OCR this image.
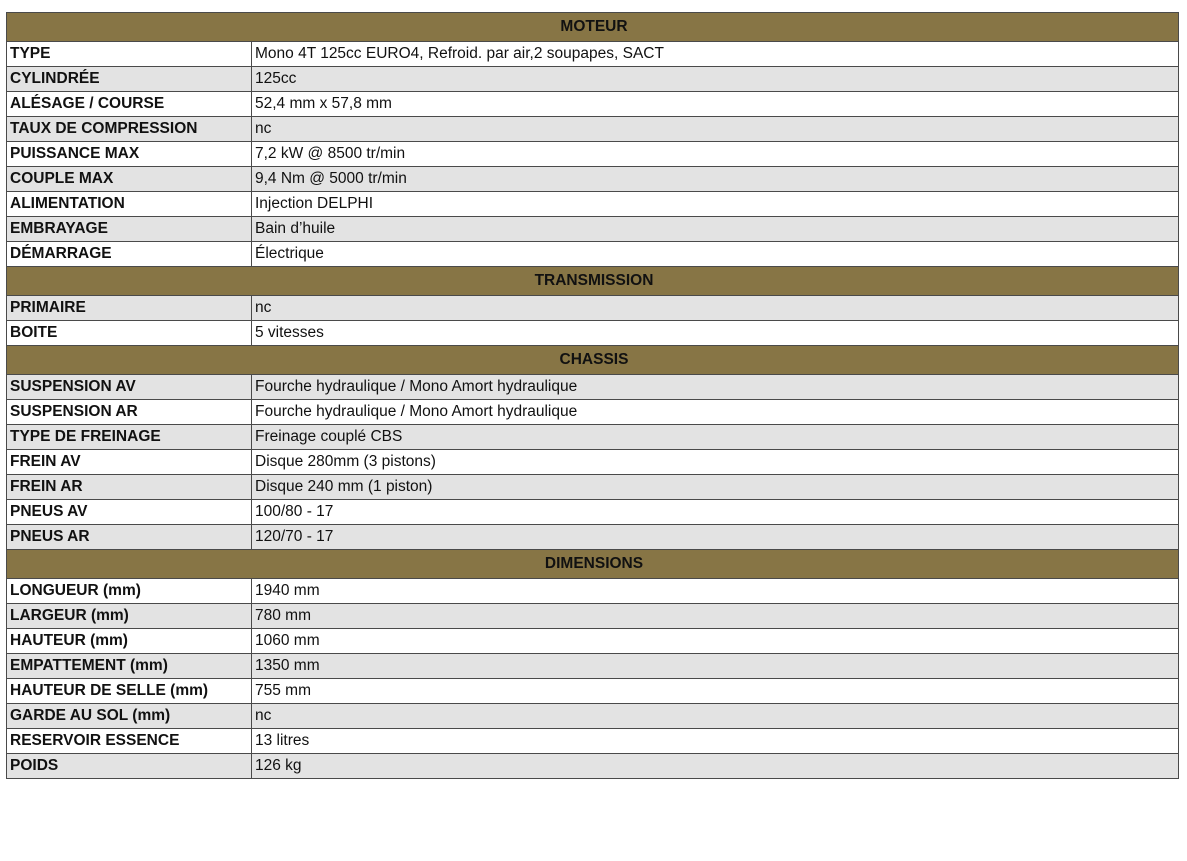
MOTEUR	
TYPE	Mono 4T 125cc EURO4, Refroid. par air,2 soupapes, SACT
CYLINDRÉE	125cc
ALÉSAGE / COURSE	52,4 mm x 57,8 mm
TAUX DE COMPRESSION	nc
PUISSANCE MAX	7,2 kW @ 8500 tr/min
COUPLE MAX	9,4 Nm @ 5000 tr/min
ALIMENTATION	Injection DELPHI
EMBRAYAGE	Bain d’huile
DÉMARRAGE	Électrique
TRANSMISSION	
PRIMAIRE	nc
BOITE	5 vitesses
CHASSIS	
SUSPENSION AV	Fourche hydraulique / Mono Amort hydraulique
SUSPENSION AR	Fourche hydraulique / Mono Amort hydraulique
TYPE DE FREINAGE	Freinage couplé CBS
FREIN AV	Disque 280mm (3 pistons)
FREIN AR	Disque 240 mm (1 piston)
PNEUS AV	100/80 - 17
PNEUS AR	120/70 - 17
DIMENSIONS	
LONGUEUR (mm)	1940 mm
LARGEUR (mm)	780 mm
HAUTEUR (mm)	1060 mm
EMPATTEMENT (mm)	1350 mm
HAUTEUR DE SELLE (mm)	755 mm
GARDE AU SOL (mm)	nc
RESERVOIR ESSENCE	13 litres
POIDS	126 kg
